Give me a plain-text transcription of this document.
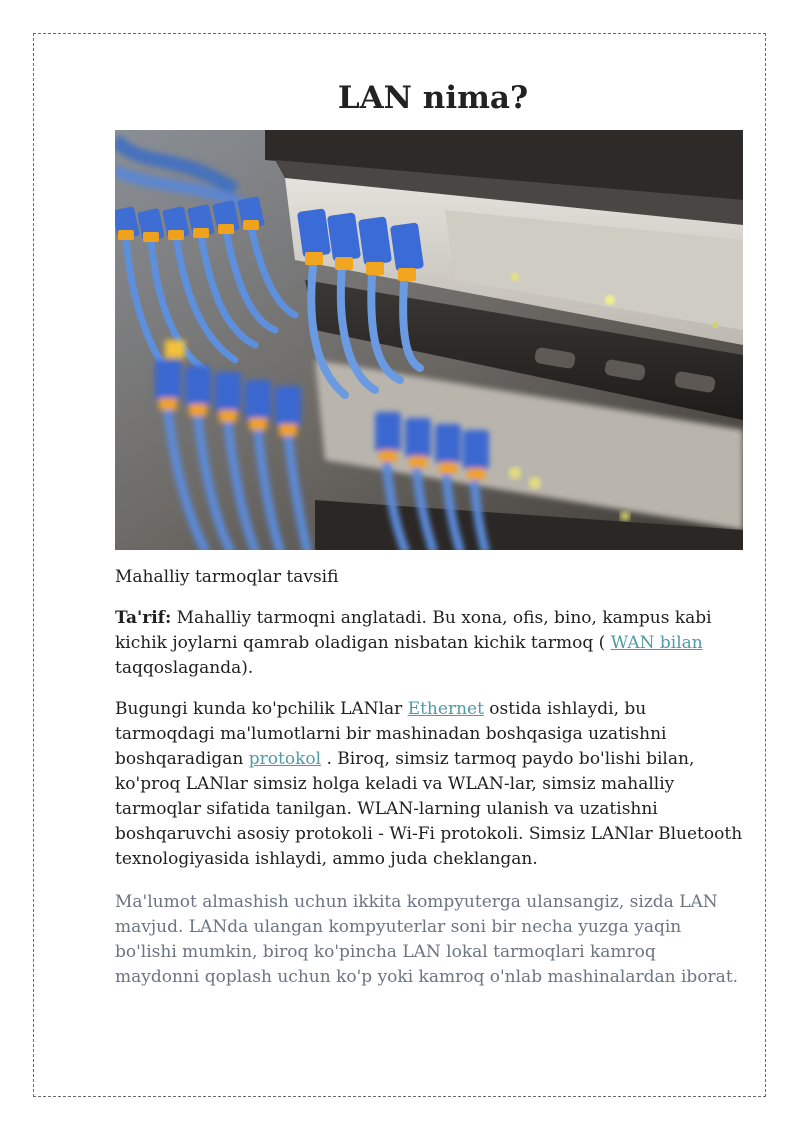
LAN nima?
Mahalliy tarmoqlar tavsifi

Ta'rif: Mahalliy tarmoqni anglatadi. Bu xona, ofis, bino, kampus kabi kichik joylarni qamrab oladigan nisbatan kichik tarmoq ( WAN bilan taqqoslaganda).

Bugungi kunda ko'pchilik LANlar Ethernet ostida ishlaydi, bu tarmoqdagi ma'lumotlarni bir mashinadan boshqasiga uzatishni boshqaradigan protokol . Biroq, simsiz tarmoq paydo bo'lishi bilan, ko'proq LANlar simsiz holga keladi va WLAN-lar, simsiz mahalliy tarmoqlar sifatida tanilgan. WLAN-larning ulanish va uzatishni boshqaruvchi asosiy protokoli - Wi-Fi protokoli. Simsiz LANlar Bluetooth texnologiyasida ishlaydi, ammo juda cheklangan.

Ma'lumot almashish uchun ikkita kompyuterga ulansangiz, sizda LAN mavjud. LANda ulangan kompyuterlar soni bir necha yuzga yaqin bo'lishi mumkin, biroq ko'pincha LAN lokal tarmoqlari kamroq maydonni qoplash uchun ko'p yoki kamroq o'nlab mashinalardan iborat.
